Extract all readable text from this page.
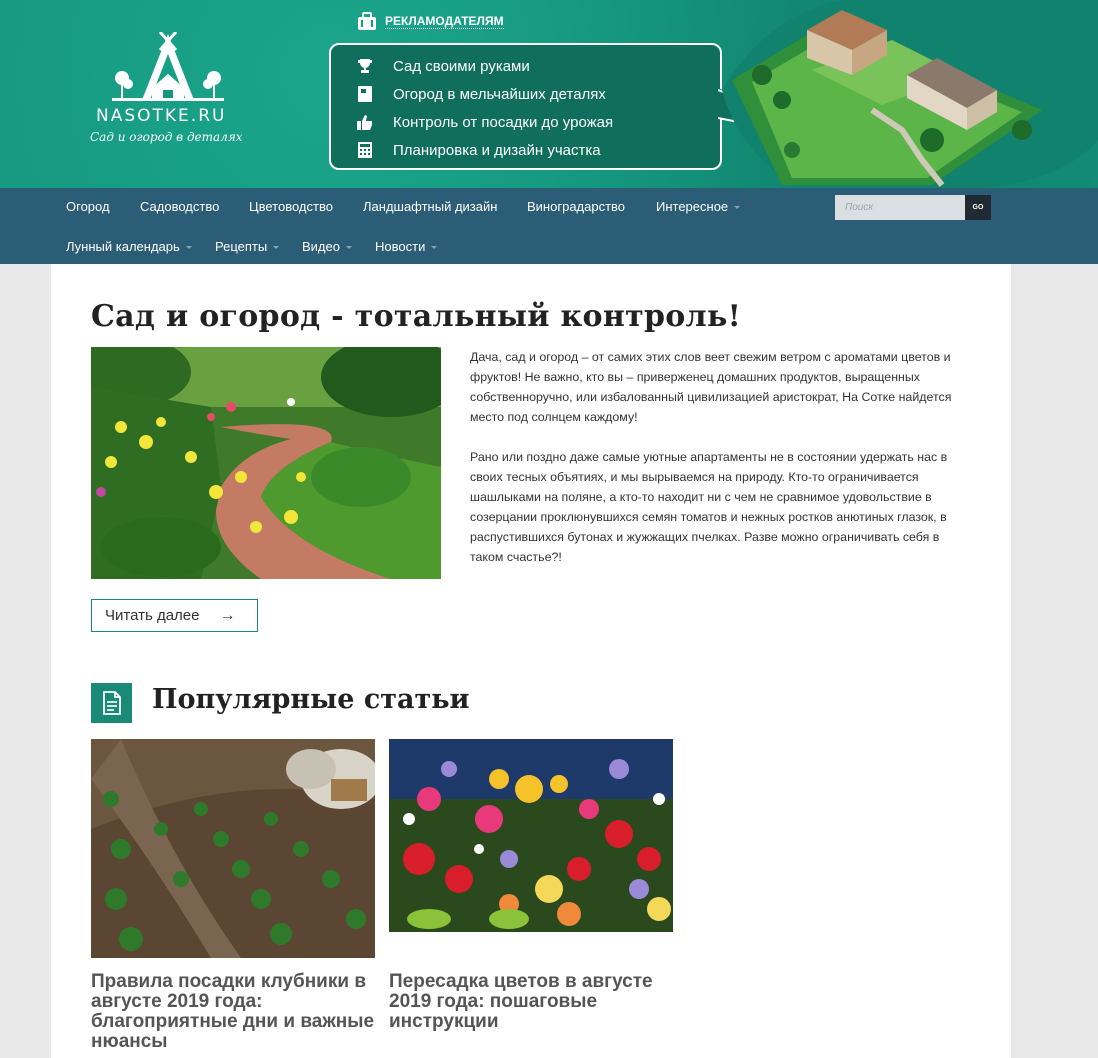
NASOTKE.RU
Сад и огород в деталях
РЕКЛАМОДАТЕЛЯМ
Сад своими руками
Огород в мельчайших деталях
Контроль от посадки до урожая
Планировка и дизайн участка
Огород Садоводство Цветоводство Ландшафтный дизайн Виноградарство Интересное
Лунный календарь	Рецепты	Видео	Новости
Поиск
GO
Сад и огород - тотальный контроль!

Дача, сад и огород – от самих этих слов веет свежим ветром с ароматами цветов и фруктов! Не важно, кто вы – приверженец домашних продуктов, выращенных собственноручно, или избалованный цивилизацией аристократ, На Сотке найдется место под солнцем каждому!

Рано или поздно даже самые уютные апартаменты не в состоянии удержать нас в своих тесных объятиях, и мы вырываемся на природу. Кто-то ограничивается шашлыками на поляне, а кто-то находит ни с чем не сравнимое удовольствие в созерцании проклюнувшихся семян томатов и нежных ростков анютиных глазок, в распустившихся бутонах и жужжащих пчелках. Разве можно ограничивать себя в таком счастье?!

Читать далее →
Популярные статьи
Правила посадки клубники в августе 2019 года: благоприятные дни и важные нюансы
Пересадка цветов в августе 2019 года: пошаговые инструкции
